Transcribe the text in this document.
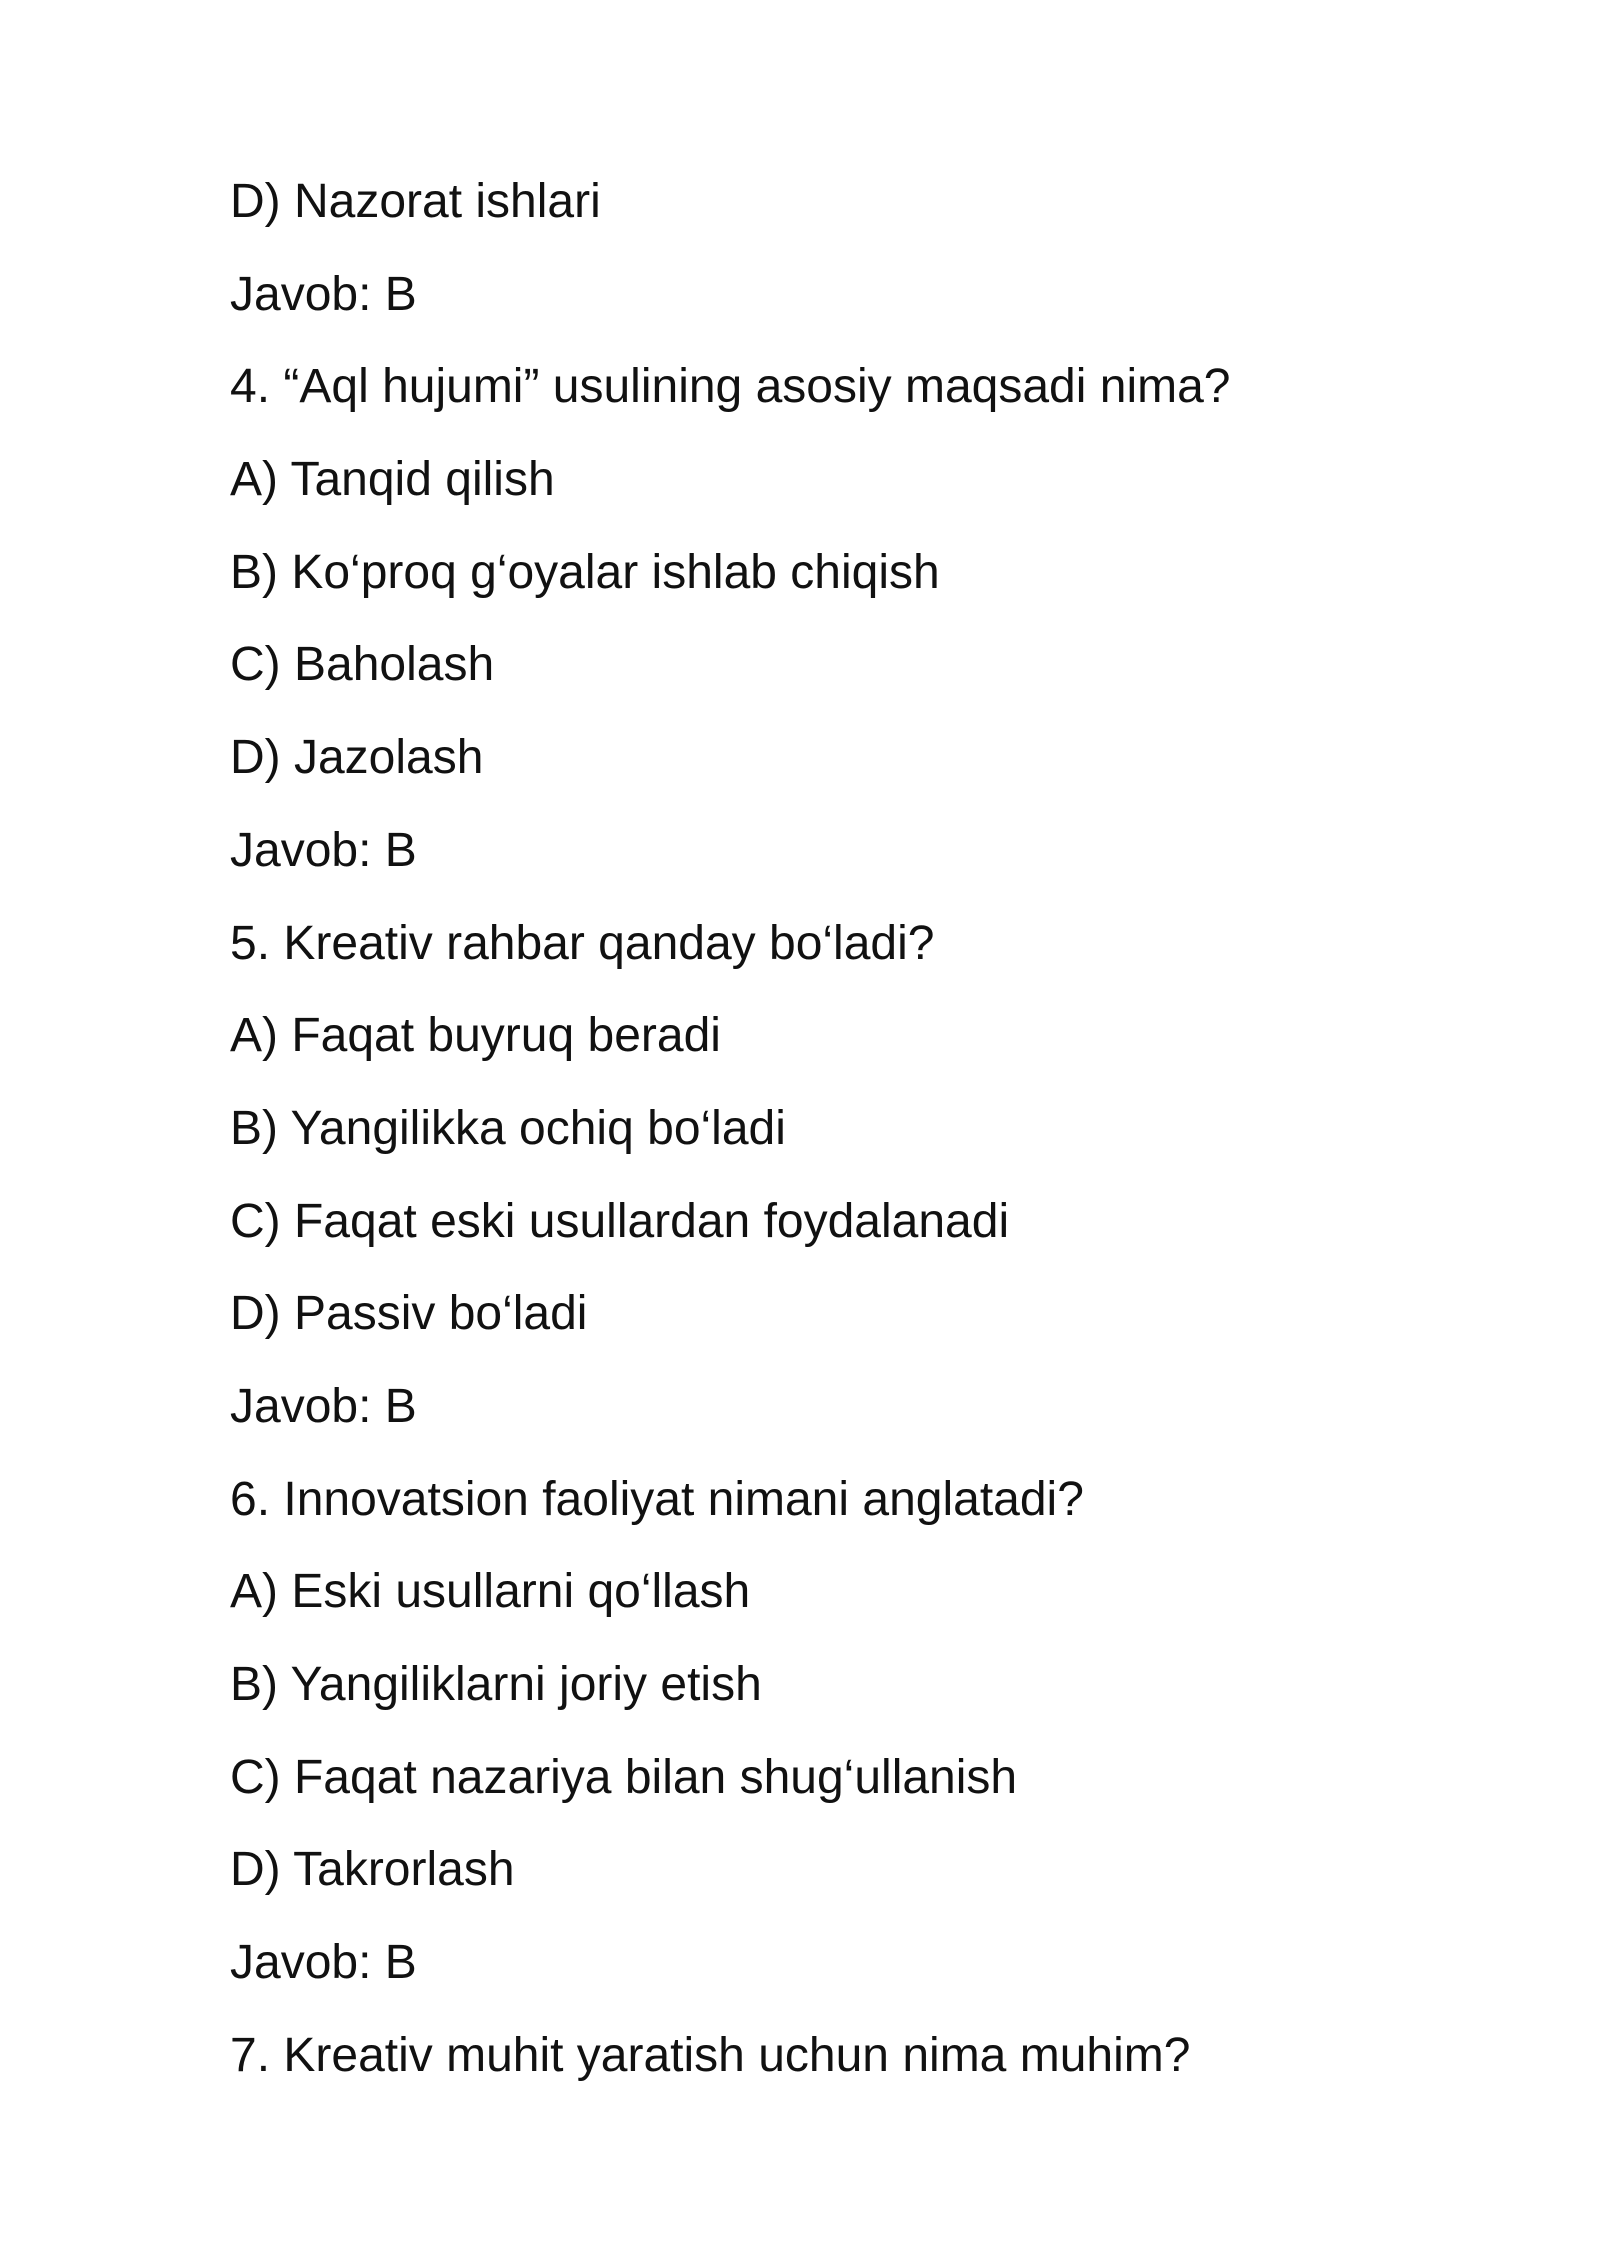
D) Nazorat ishlari
Javob: B
4. “Aql hujumi” usulining asosiy maqsadi nima?
A) Tanqid qilish
B) Ko‘proq g‘oyalar ishlab chiqish
C) Baholash
D) Jazolash
Javob: B
5. Kreativ rahbar qanday bo‘ladi?
A) Faqat buyruq beradi
B) Yangilikka ochiq bo‘ladi
C) Faqat eski usullardan foydalanadi
D) Passiv bo‘ladi
Javob: B
6. Innovatsion faoliyat nimani anglatadi?
A) Eski usullarni qo‘llash
B) Yangiliklarni joriy etish
C) Faqat nazariya bilan shug‘ullanish
D) Takrorlash
Javob: B
7. Kreativ muhit yaratish uchun nima muhim?
